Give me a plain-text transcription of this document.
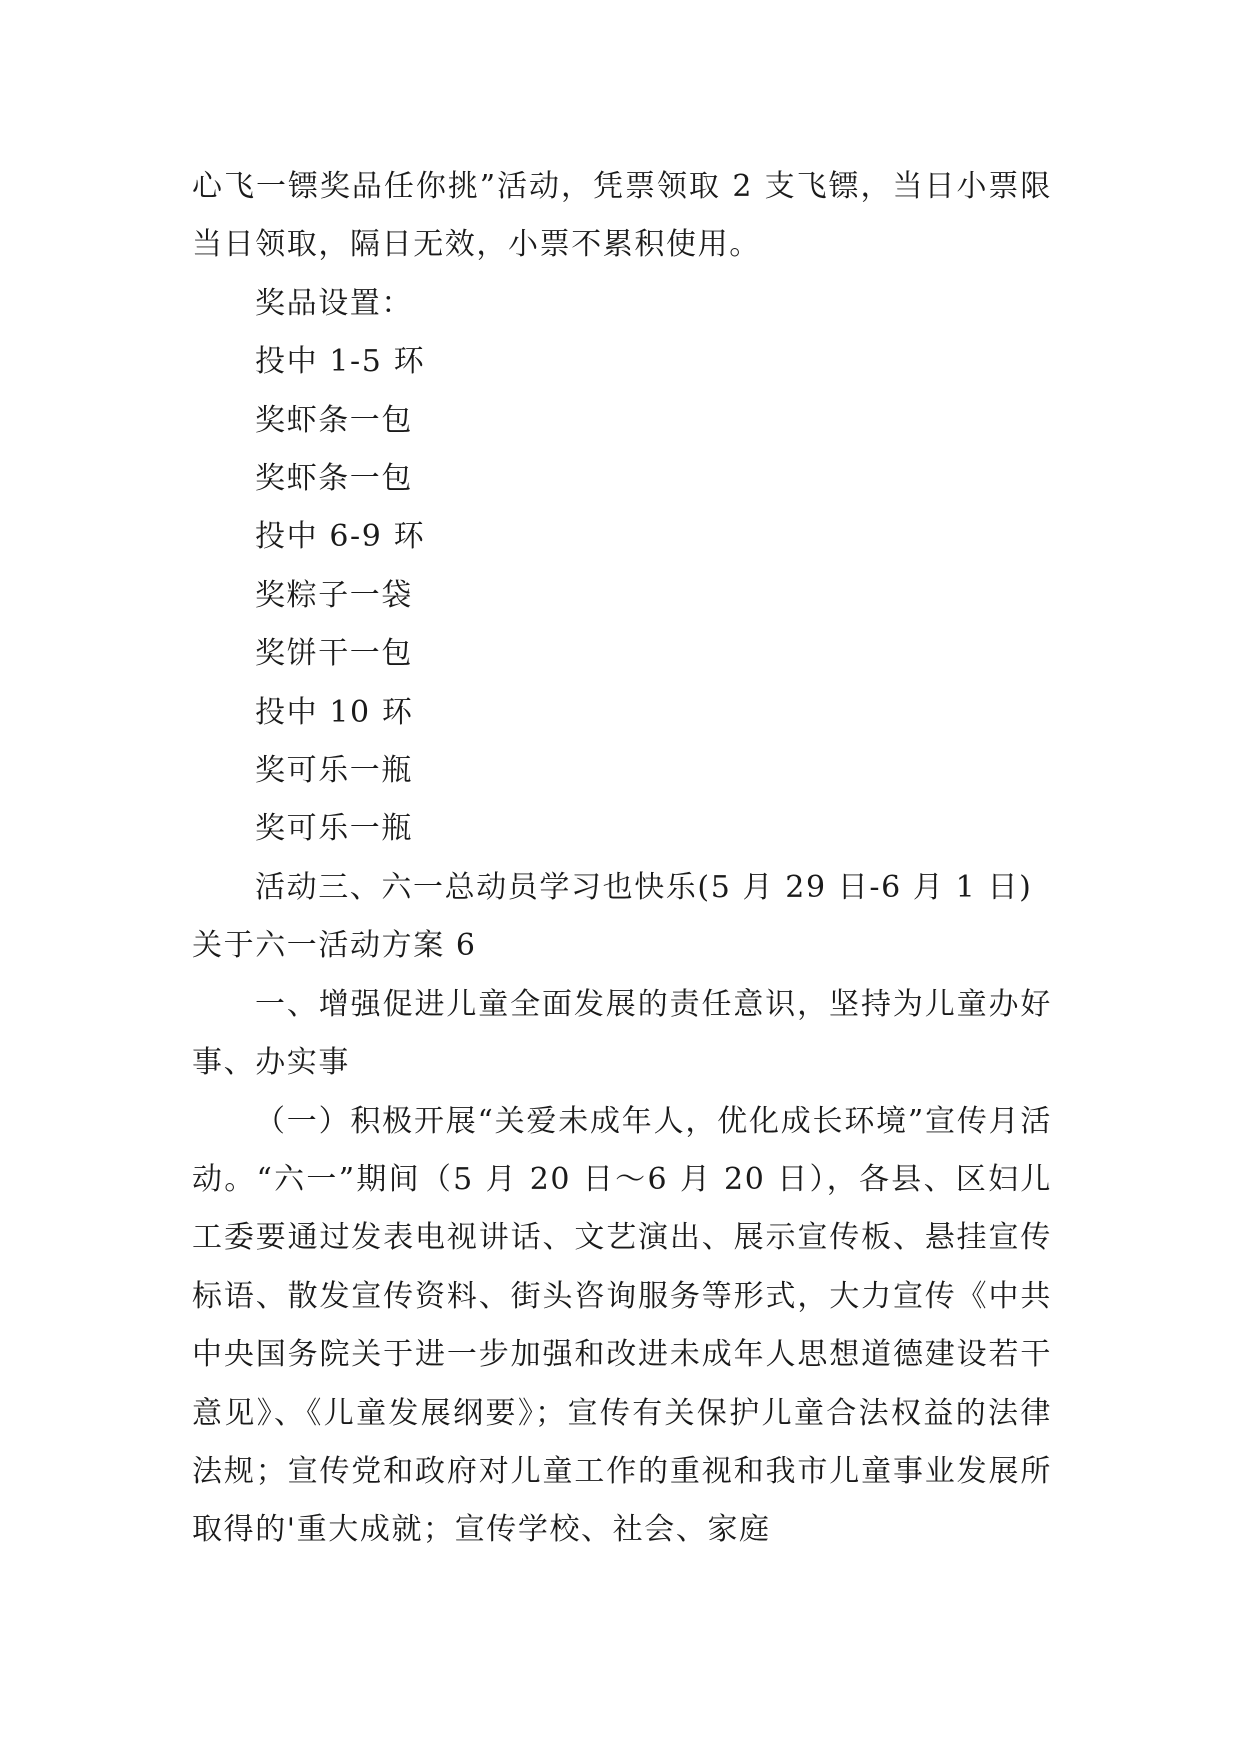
心飞一镖奖品任你挑”活动，凭票领取 2 支飞镖，当日小票限当日领取，隔日无效，小票不累积使用。

奖品设置：

投中 1-5 环

奖虾条一包

奖虾条一包

投中 6-9 环

奖粽子一袋

奖饼干一包

投中 10 环

奖可乐一瓶

奖可乐一瓶

活动三、六一总动员学习也快乐(5 月 29 日-6 月 1 日)

关于六一活动方案 6

一、增强促进儿童全面发展的责任意识，坚持为儿童办好事、办实事

（一）积极开展“关爱未成年人，优化成长环境”宣传月活动。“六一”期间（5 月 20 日～6 月 20 日），各县、区妇儿工委要通过发表电视讲话、文艺演出、展示宣传板、悬挂宣传标语、散发宣传资料、街头咨询服务等形式，大力宣传《中共中央国务院关于进一步加强和改进未成年人思想道德建设若干意见》、《儿童发展纲要》；宣传有关保护儿童合法权益的法律法规；宣传党和政府对儿童工作的重视和我市儿童事业发展所取得的'重大成就；宣传学校、社会、家庭
